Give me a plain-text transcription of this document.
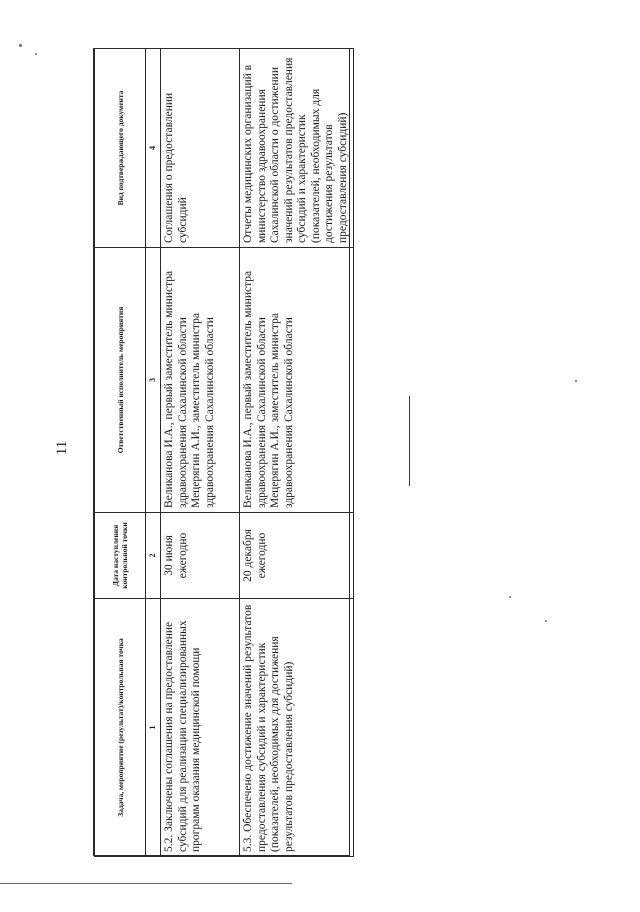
11
Задача, мероприятие (результат)/контрольная точка	Дата наступления контрольной точки	Ответственный исполнитель мероприятия	Вид подтверждающего документа
1	2	3	4
5.2. Заключены соглашения на предоставление субсидий для реализации специализированных программ оказания медицинской помощи	30 июня ежегодно	Великанова И.А., первый заместитель министра здравоохранения Сахалинской области
Мецерягин А.И., заместитель министра здравоохранения Сахалинской области	Соглашения о предоставлении субсидий
5.3. Обеспечено достижение значений результатов предоставления субсидий и характеристик (показателей, необходимых для достижения результатов предоставления субсидий)	20 декабря ежегодно	Великанова И.А., первый заместитель министра здравоохранения Сахалинской области
Мецерягин А.И., заместитель министра здравоохранения Сахалинской области	Отчеты медицинских организаций в министерство здравоохранения Сахалинской области о достижении значений результатов предоставления субсидий и характеристик (показателей, необходимых для достижения результатов предоставления субсидий)
